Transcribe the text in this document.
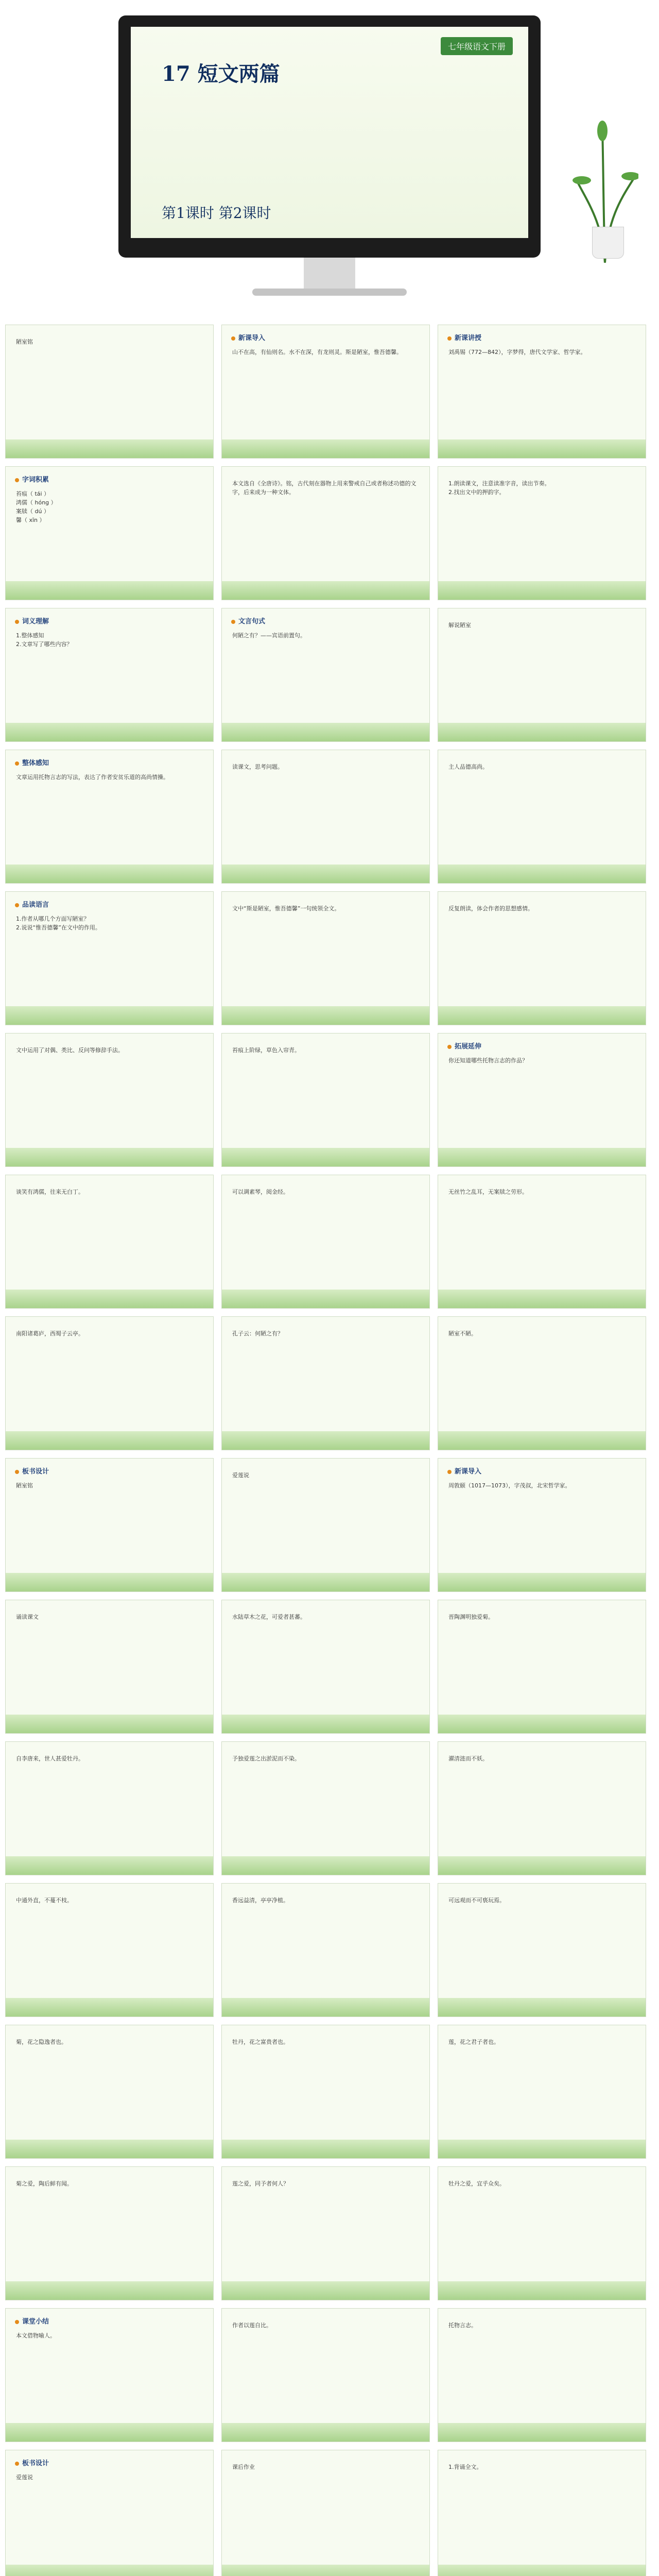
七年级语文下册
17 短文两篇
第1课时 第2课时
陋室铭	新课导入
山不在高，有仙则名。水不在深，有龙则灵。斯是陋室，惟吾德馨。
新课讲授
刘禹锡（772—842），字梦得，唐代文学家、哲学家。
字词积累
苔痕（ tái ）
鸿儒（ hóng ）
案牍（ dú ）
馨（ xīn ）
本文选自《全唐诗》。铭，古代刻在器物上用来警戒自己或者称述功德的文字，后来成为一种文体。
1.朗读课文，注意读准字音，读出节奏。
2.找出文中的押韵字。
词义理解
1.整体感知
2.文章写了哪些内容？
文言句式
何陋之有？——宾语前置句。
解说陋室
整体感知
文章运用托物言志的写法，表达了作者安贫乐道的高尚情操。
读课文，思考问题。	主人品德高尚。
品读语言
1.作者从哪几个方面写陋室？
2.说说“惟吾德馨”在文中的作用。
文中“斯是陋室，惟吾德馨”一句统领全文。	反复朗读，体会作者的思想感情。
文中运用了对偶、类比、反问等修辞手法。	苔痕上阶绿，草色入帘青。	拓展延伸
你还知道哪些托物言志的作品？
谈笑有鸿儒，往来无白丁。	可以调素琴，阅金经。	无丝竹之乱耳，无案牍之劳形。
南阳诸葛庐，西蜀子云亭。	孔子云：何陋之有？	陋室不陋。
板书设计
陋室铭
爱莲说	新课导入
周敦颐（1017—1073），字茂叔，北宋哲学家。
诵读课文	水陆草木之花，可爱者甚蕃。	晋陶渊明独爱菊。
自李唐来，世人甚爱牡丹。	予独爱莲之出淤泥而不染。	濯清涟而不妖。
中通外直，不蔓不枝。	香远益清，亭亭净植。	可远观而不可亵玩焉。
菊，花之隐逸者也。	牡丹，花之富贵者也。	莲，花之君子者也。
菊之爱，陶后鲜有闻。	莲之爱，同予者何人？	牡丹之爱，宜乎众矣。
课堂小结
本文借物喻人。
作者以莲自比。	托物言志。
板书设计
爱莲说
课后作业	1.背诵全文。
